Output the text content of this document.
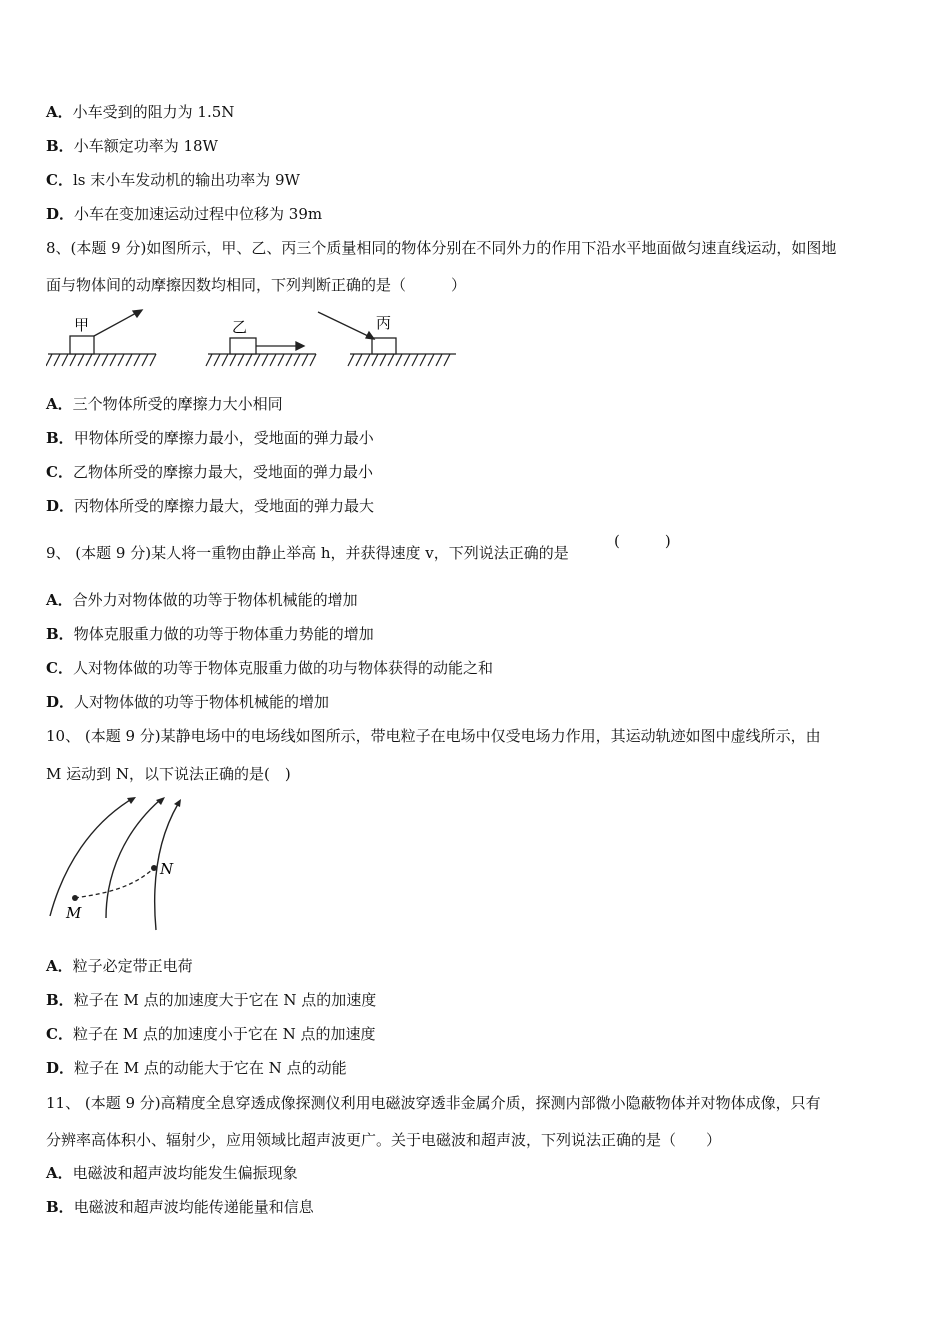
A．小车受到的阻力为 1.5N
B．小车额定功率为 18W
C．ls 末小车发动机的输出功率为 9W
D．小车在变加速运动过程中位移为 39m
8、(本题 9 分)如图所示，甲、乙、丙三个质量相同的物体分别在不同外力的作用下沿水平地面做匀速直线运动，如图地
面与物体间的动摩擦因数均相同，下列判断正确的是（　　　）
甲	乙	丙
A．三个物体所受的摩擦力大小相同
B．甲物体所受的摩擦力最小，受地面的弹力最小
C．乙物体所受的摩擦力最大，受地面的弹力最小
D．丙物体所受的摩擦力最大，受地面的弹力最大
9、 (本题 9 分)某人将一重物由静止举高 h，并获得速度 v，下列说法正确的是
(　　　)
A．合外力对物体做的功等于物体机械能的增加
B．物体克服重力做的功等于物体重力势能的增加
C．人对物体做的功等于物体克服重力做的功与物体获得的动能之和
D．人对物体做的功等于物体机械能的增加
10、 (本题 9 分)某静电场中的电场线如图所示，带电粒子在电场中仅受电场力作用，其运动轨迹如图中虚线所示，由
M 运动到 N，以下说法正确的是(　)
M
N
A．粒子必定带正电荷
B．粒子在 M 点的加速度大于它在 N 点的加速度
C．粒子在 M 点的加速度小于它在 N 点的加速度
D．粒子在 M 点的动能大于它在 N 点的动能
11、 (本题 9 分)高精度全息穿透成像探测仪利用电磁波穿透非金属介质，探测内部微小隐蔽物体并对物体成像，只有
分辨率高体积小、辐射少，应用领域比超声波更广。关于电磁波和超声波，下列说法正确的是（　　）
A．电磁波和超声波均能发生偏振现象
B．电磁波和超声波均能传递能量和信息
